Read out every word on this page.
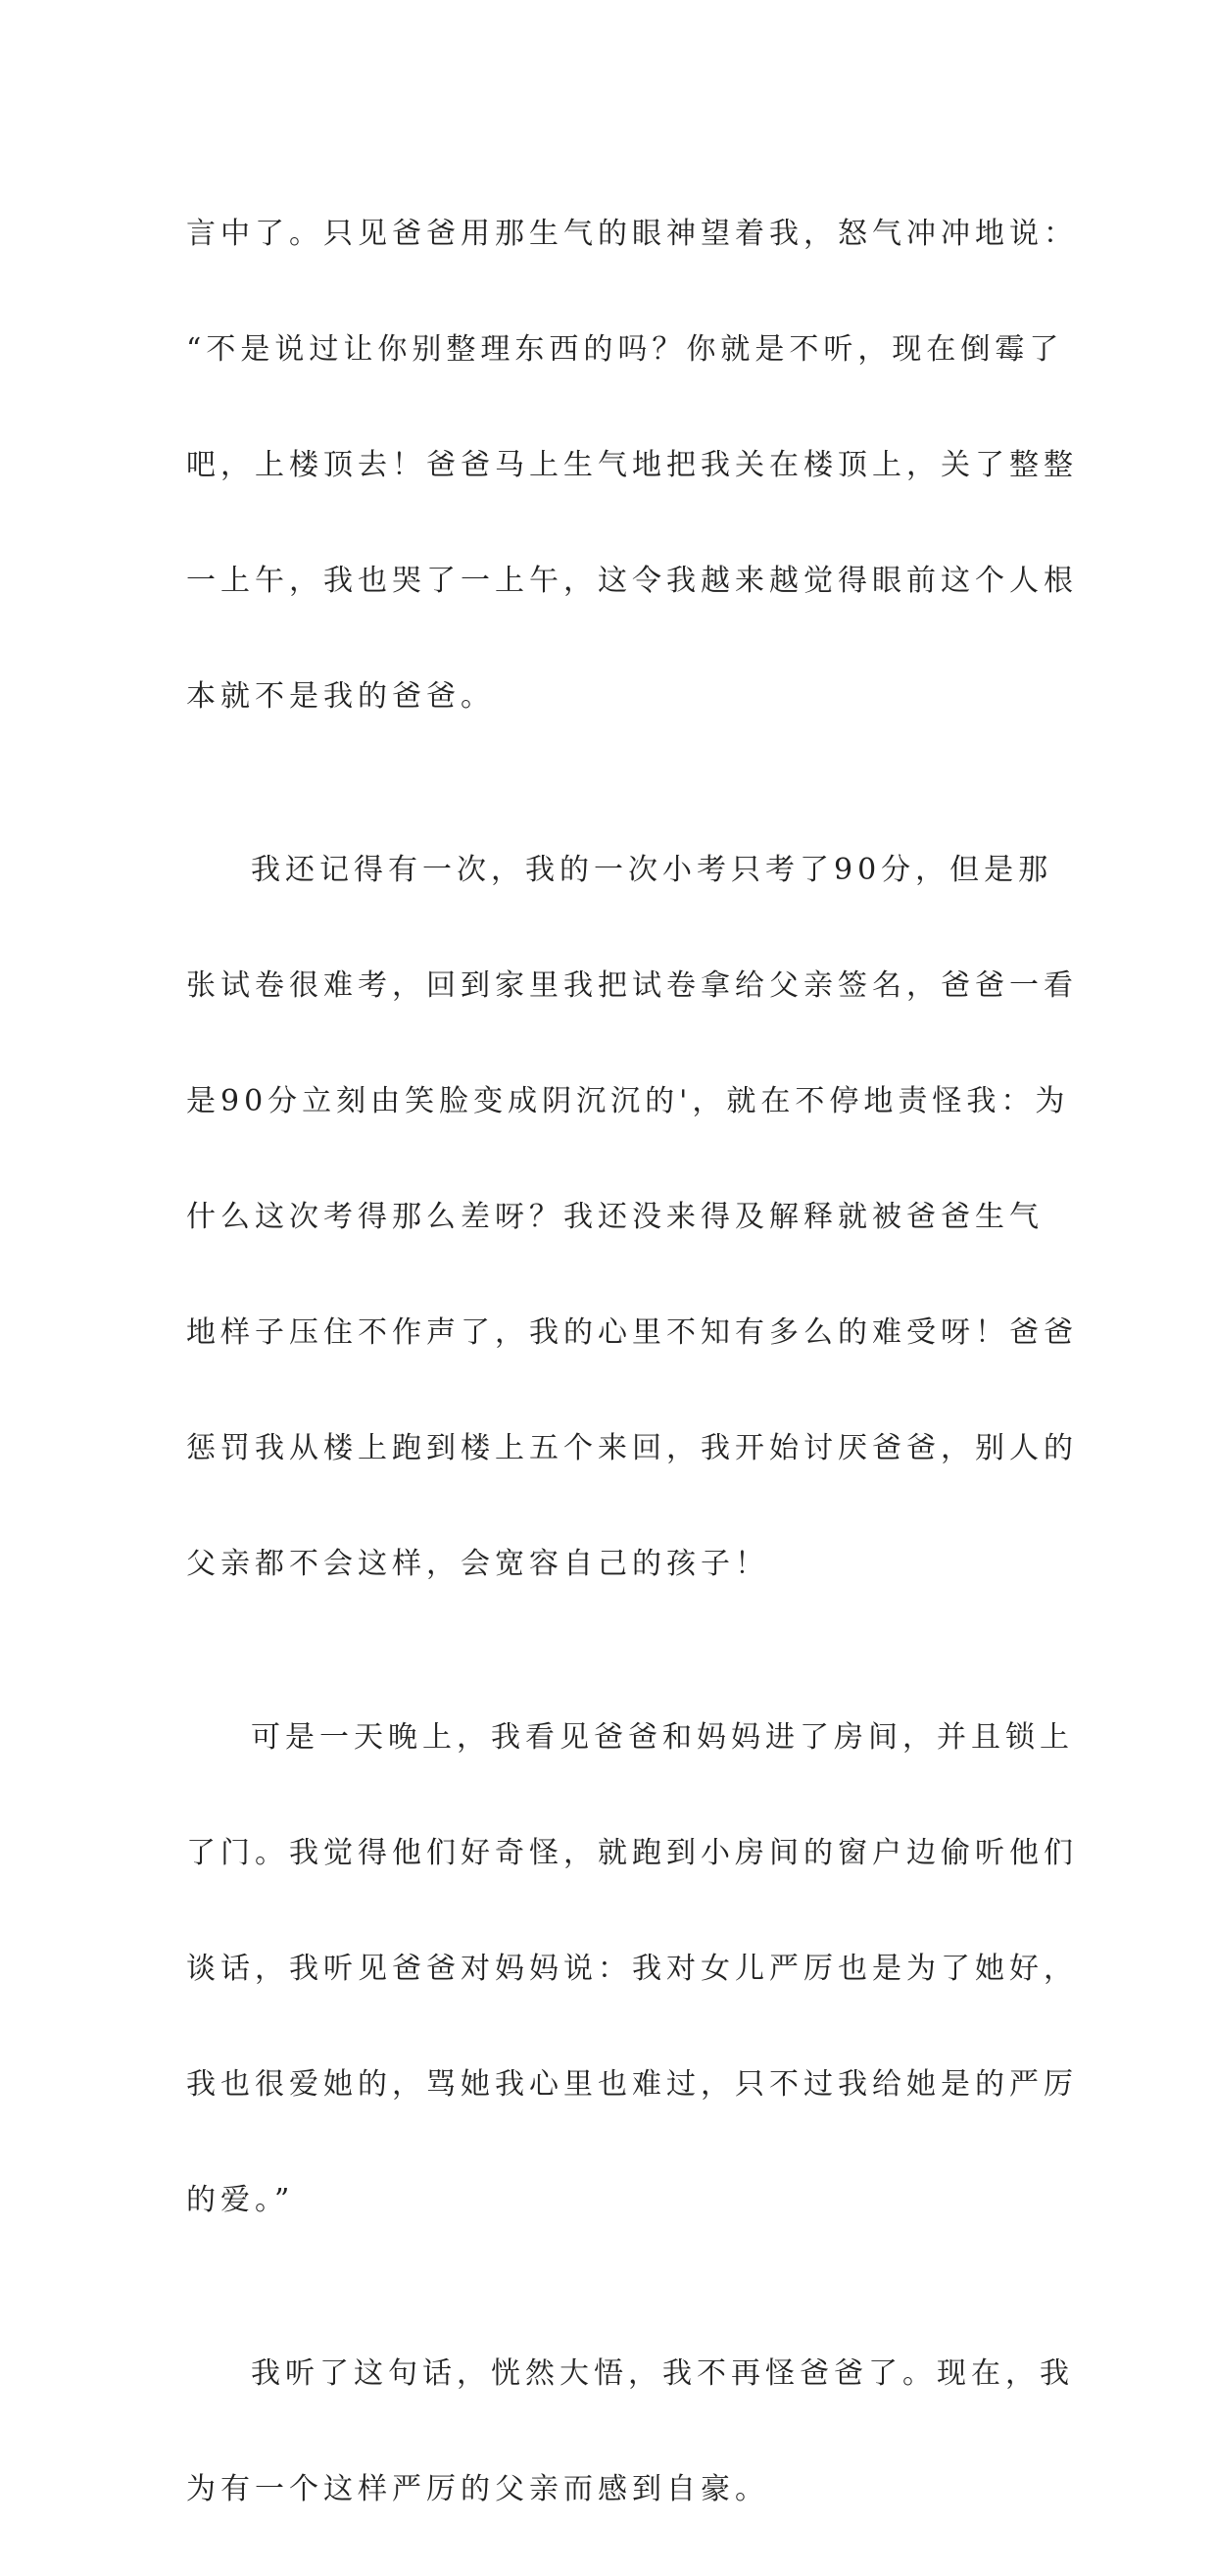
言中了。只见爸爸用那生气的眼神望着我，怒气冲冲地说：

“不是说过让你别整理东西的吗？你就是不听，现在倒霉了

吧，上楼顶去！爸爸马上生气地把我关在楼顶上，关了整整

一上午，我也哭了一上午，这令我越来越觉得眼前这个人根

本就不是我的爸爸。

我还记得有一次，我的一次小考只考了90分，但是那

张试卷很难考，回到家里我把试卷拿给父亲签名，爸爸一看

是90分立刻由笑脸变成阴沉沉的'，就在不停地责怪我：为

什么这次考得那么差呀？我还没来得及解释就被爸爸生气

地样子压住不作声了，我的心里不知有多么的难受呀！爸爸

惩罚我从楼上跑到楼上五个来回，我开始讨厌爸爸，别人的

父亲都不会这样，会宽容自己的孩子！

可是一天晚上，我看见爸爸和妈妈进了房间，并且锁上

了门。我觉得他们好奇怪，就跑到小房间的窗户边偷听他们

谈话，我听见爸爸对妈妈说：我对女儿严厉也是为了她好，

我也很爱她的，骂她我心里也难过，只不过我给她是的严厉

的爱。”

我听了这句话，恍然大悟，我不再怪爸爸了。现在，我

为有一个这样严厉的父亲而感到自豪。
